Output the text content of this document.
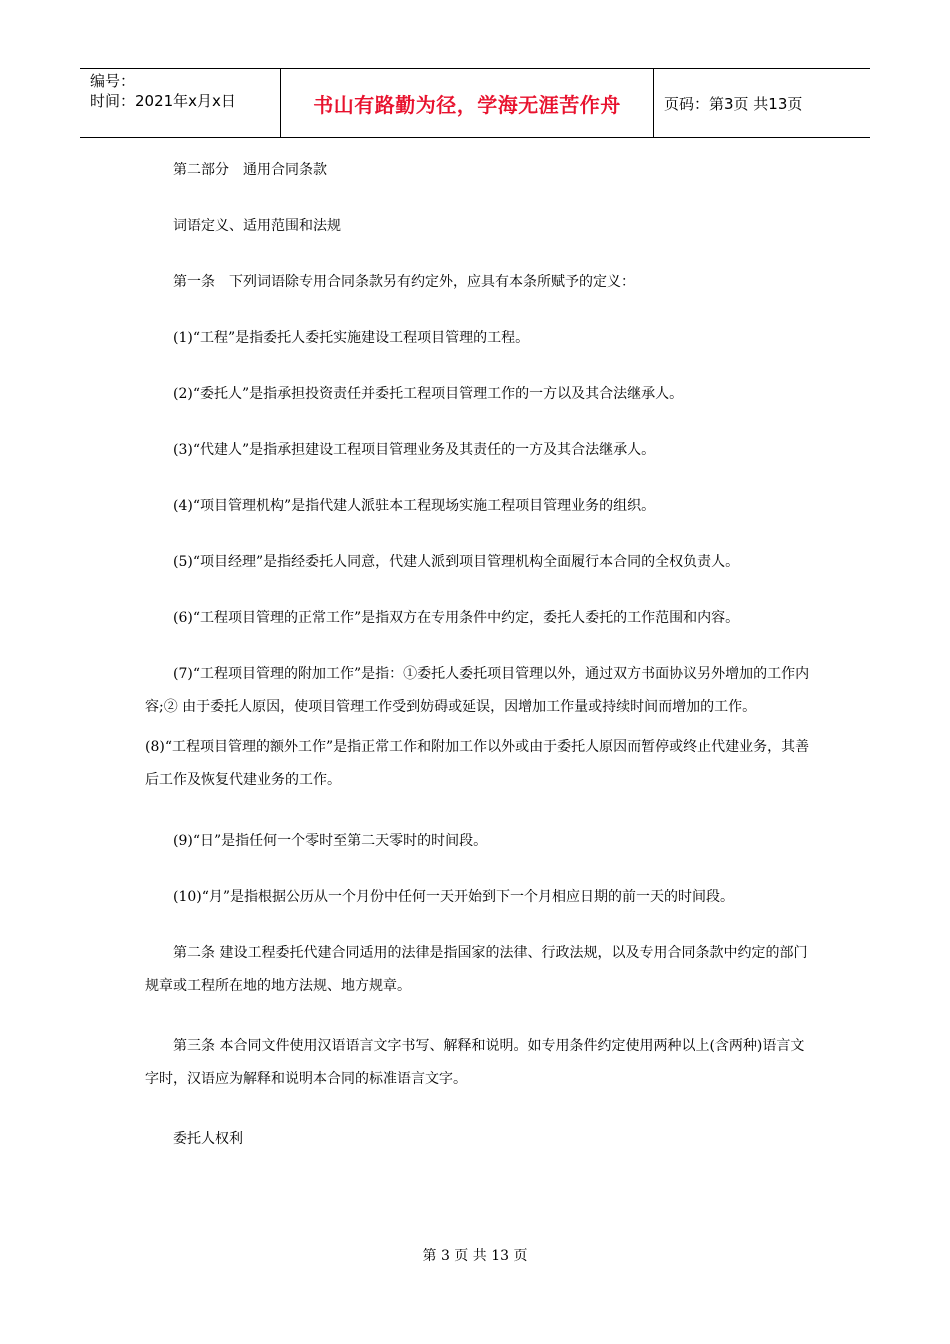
编号：
时间：2021年x月x日	书山有路勤为径，学海无涯苦作舟	页码：第3页 共13页

第二部分　通用合同条款

词语定义、适用范围和法规

第一条　下列词语除专用合同条款另有约定外，应具有本条所赋予的定义：

(1)“工程”是指委托人委托实施建设工程项目管理的工程。

(2)“委托人”是指承担投资责任并委托工程项目管理工作的一方以及其合法继承人。

(3)“代建人”是指承担建设工程项目管理业务及其责任的一方及其合法继承人。

(4)“项目管理机构”是指代建人派驻本工程现场实施工程项目管理业务的组织。

(5)“项目经理”是指经委托人同意，代建人派到项目管理机构全面履行本合同的全权负责人。

(6)“工程项目管理的正常工作”是指双方在专用条件中约定，委托人委托的工作范围和内容。

(7)“工程项目管理的附加工作”是指：①委托人委托项目管理以外，通过双方书面协议另外增加的工作内容;② 由于委托人原因，使项目管理工作受到妨碍或延误，因增加工作量或持续时间而增加的工作。

(8)“工程项目管理的额外工作”是指正常工作和附加工作以外或由于委托人原因而暂停或终止代建业务，其善后工作及恢复代建业务的工作。

(9)“日”是指任何一个零时至第二天零时的时间段。

(10)“月”是指根据公历从一个月份中任何一天开始到下一个月相应日期的前一天的时间段。

第二条 建设工程委托代建合同适用的法律是指国家的法律、行政法规，以及专用合同条款中约定的部门规章或工程所在地的地方法规、地方规章。

第三条 本合同文件使用汉语语言文字书写、解释和说明。如专用条件约定使用两种以上(含两种)语言文字时，汉语应为解释和说明本合同的标准语言文字。

委托人权利

第 3 页 共 13 页
